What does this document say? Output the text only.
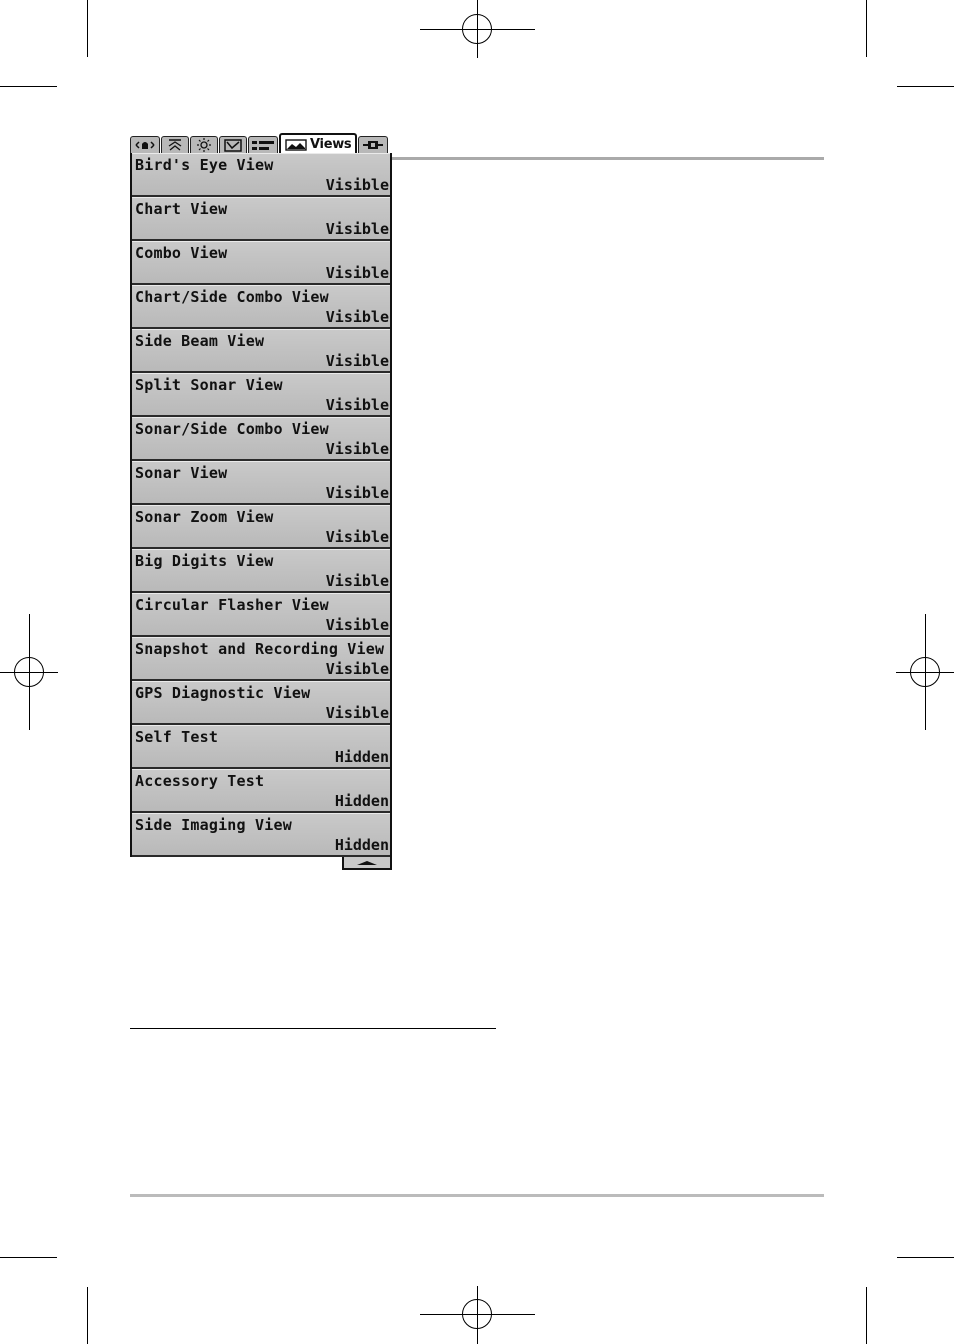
Views
Bird's Eye View
Visible
Chart View
Visible
Combo View
Visible
Chart/Side Combo View
Visible
Side Beam View
Visible
Split Sonar View
Visible
Sonar/Side Combo View
Visible
Sonar View
Visible
Sonar Zoom View
Visible
Big Digits View
Visible
Circular Flasher View
Visible
Snapshot and Recording View
Visible
GPS Diagnostic View
Visible
Self Test
Hidden
Accessory Test
Hidden
Side Imaging View
Hidden
